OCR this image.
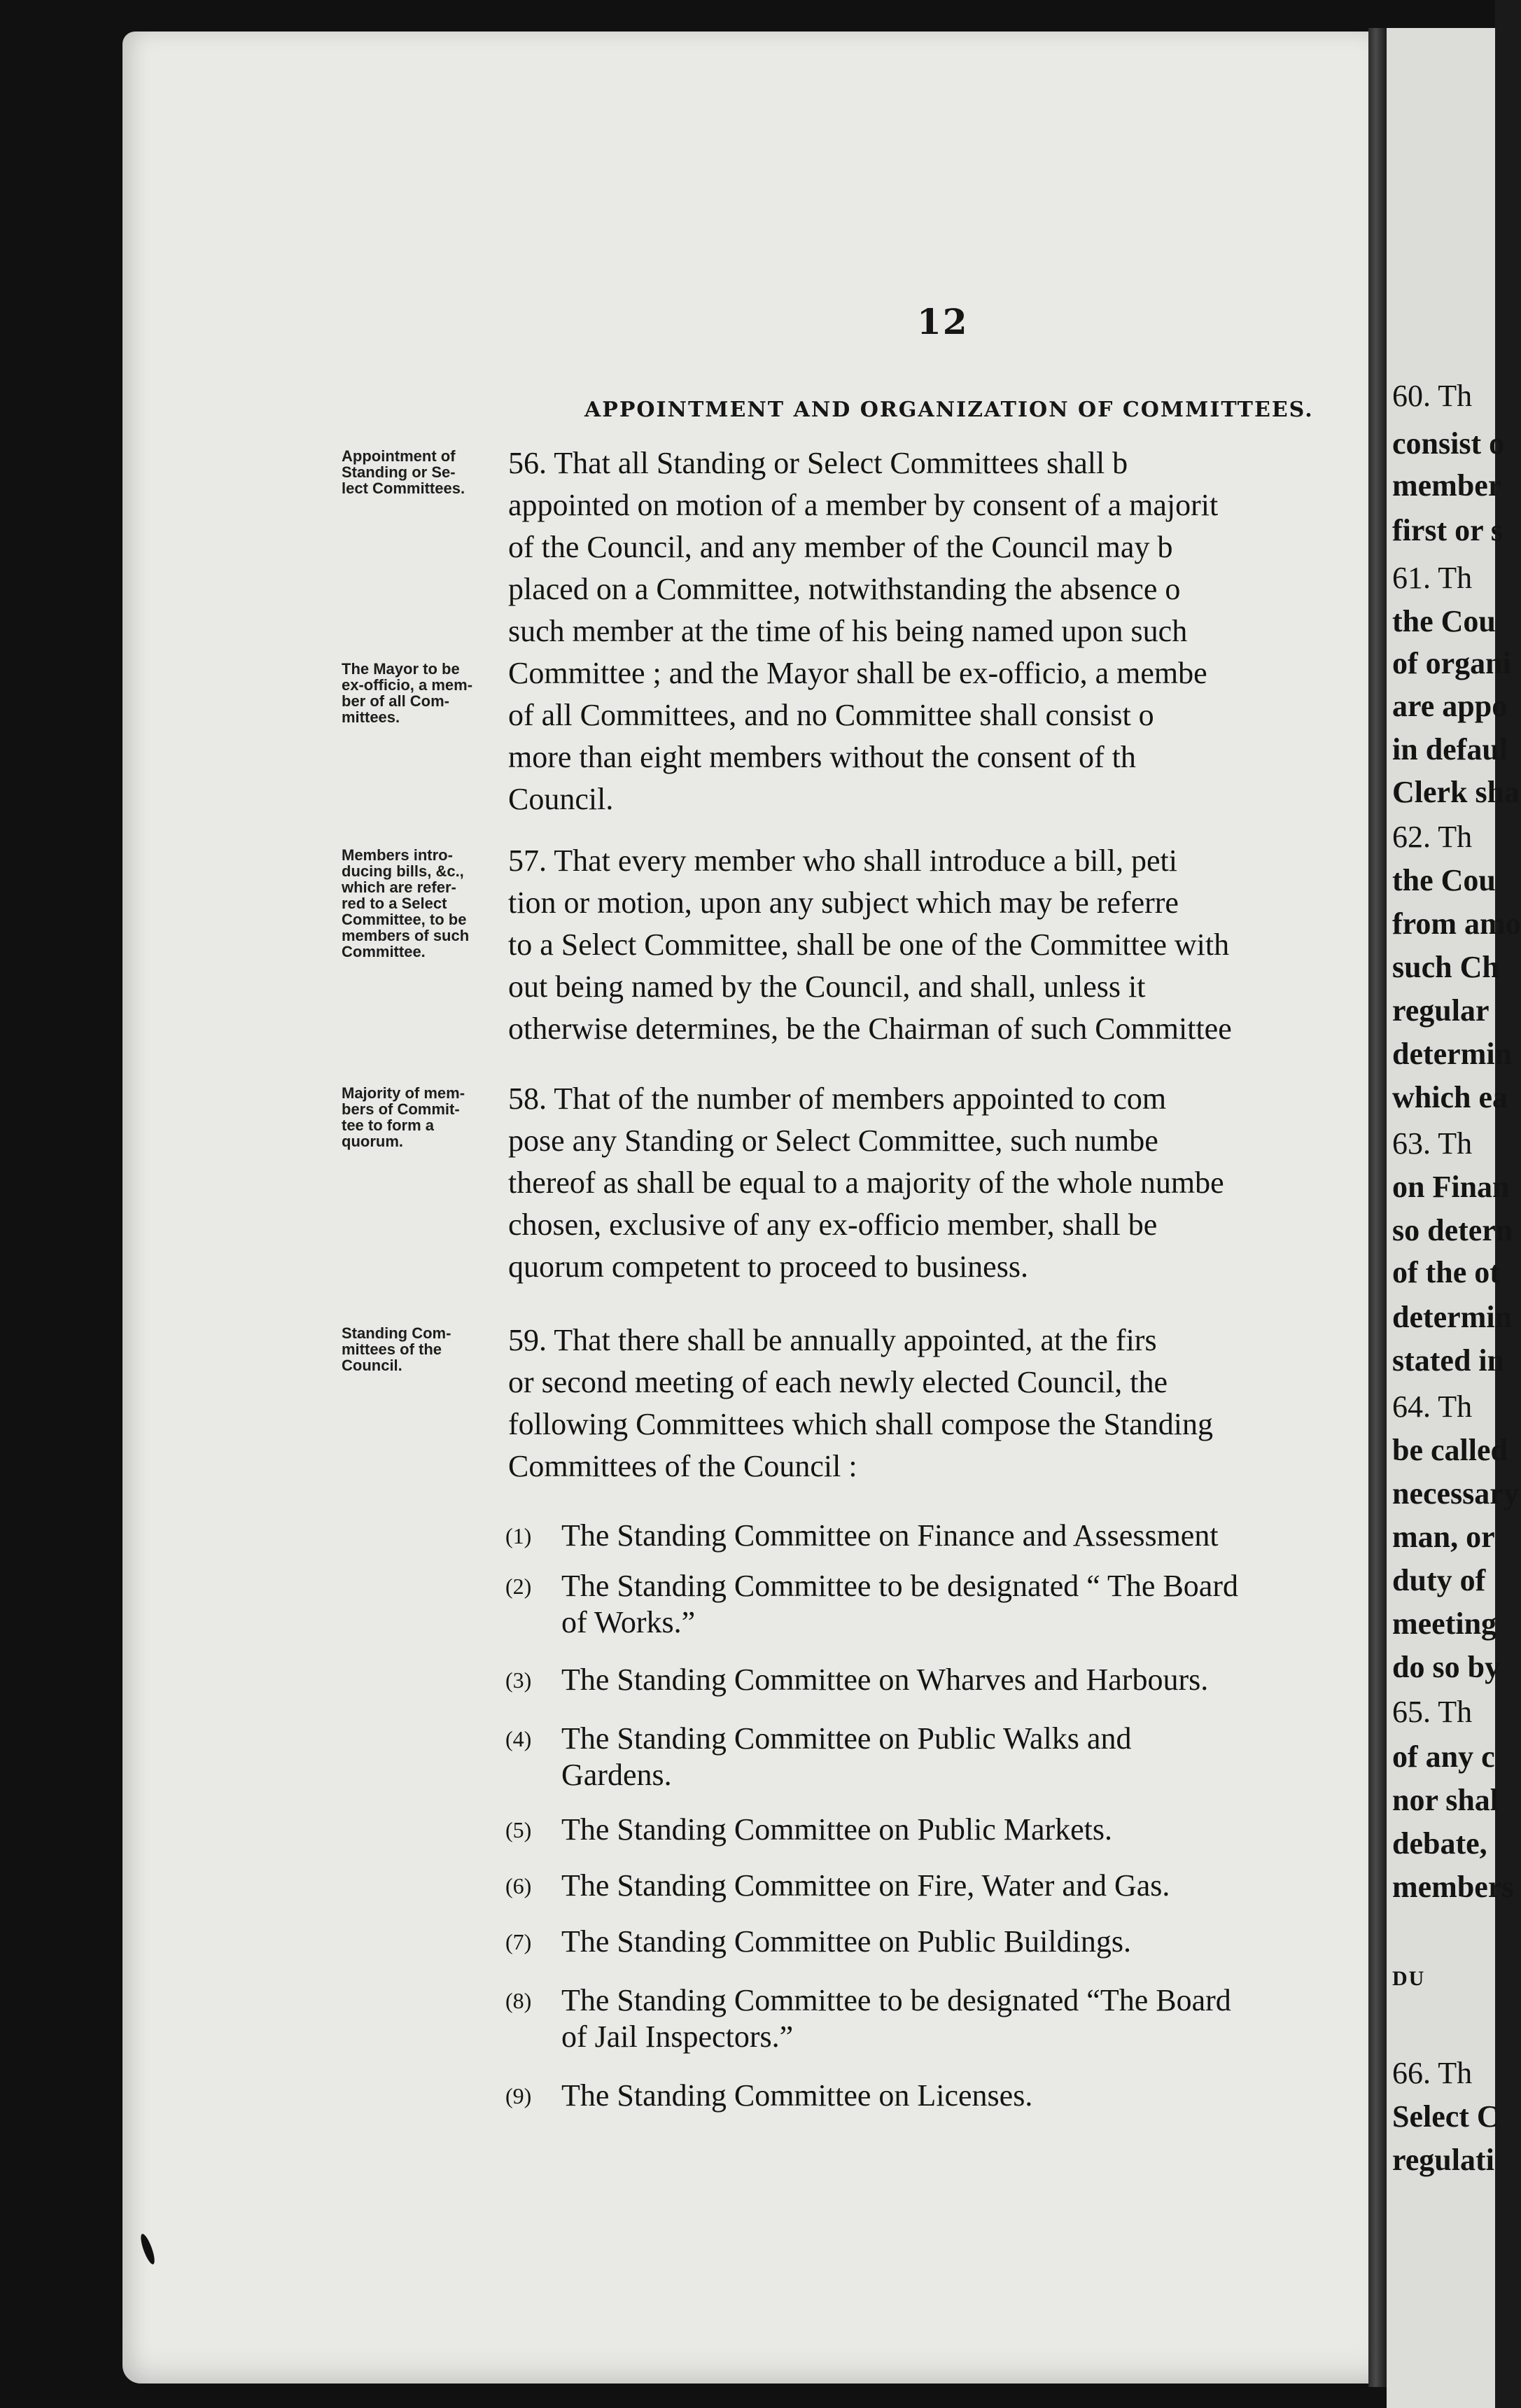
60. Th
consist o
member
first or s
61. Th
the Cou
of organi
are appo
in defaul
Clerk sha
62. Th
the Cou
from amo
such Ch
regular
determin
which ea
63. Th
on Finan
so detern
of the ot
determin
stated in
64. Th
be called
necessary
man, or
duty of
meeting
do so by
65. Th
of any c
nor shal
debate,
members
DU
66. Th
Select C
regulati
12
APPOINTMENT AND ORGANIZATION OF COMMITTEES.
Appointment of
Standing or Se-
lect Committees.
The Mayor to be
ex-officio, a mem-
ber of all Com-
mittees.
Members intro-
ducing bills, &c.,
which are refer-
red to a Select
Committee, to be
members of such
Committee.
Majority of mem-
bers of Commit-
tee to form a
quorum.
Standing Com-
mittees of the
Council.
56. That all Standing or Select Committees shall b
appointed on motion of a member by consent of a majorit
of the Council, and any member of the Council may b
placed on a Committee, notwithstanding the absence o
such member at the time of his being named upon such
Committee ; and the Mayor shall be ex-officio, a membe
of all Committees, and no Committee shall consist o
more than eight members without the consent of th
Council.
57. That every member who shall introduce a bill, peti
tion or motion, upon any subject which may be referre
to a Select Committee, shall be one of the Committee with
out being named by the Council, and shall, unless it
otherwise determines, be the Chairman of such Committee
58. That of the number of members appointed to com
pose any Standing or Select Committee, such numbe
thereof as shall be equal to a majority of the whole numbe
chosen, exclusive of any ex-officio member, shall be
quorum competent to proceed to business.
59. That there shall be annually appointed, at the firs
or second meeting of each newly elected Council, the
following Committees which shall compose the Standing
Committees of the Council :
(1) The Standing Committee on Finance and Assessment
(2) The Standing Committee to be designated “ The Board
of Works.”
(3) The Standing Committee on Wharves and Harbours.
(4) The Standing Committee on Public Walks and
Gardens.
(5) The Standing Committee on Public Markets.
(6) The Standing Committee on Fire, Water and Gas.
(7) The Standing Committee on Public Buildings.
(8) The Standing Committee to be designated “The Board
of Jail Inspectors.”
(9) The Standing Committee on Licenses.
